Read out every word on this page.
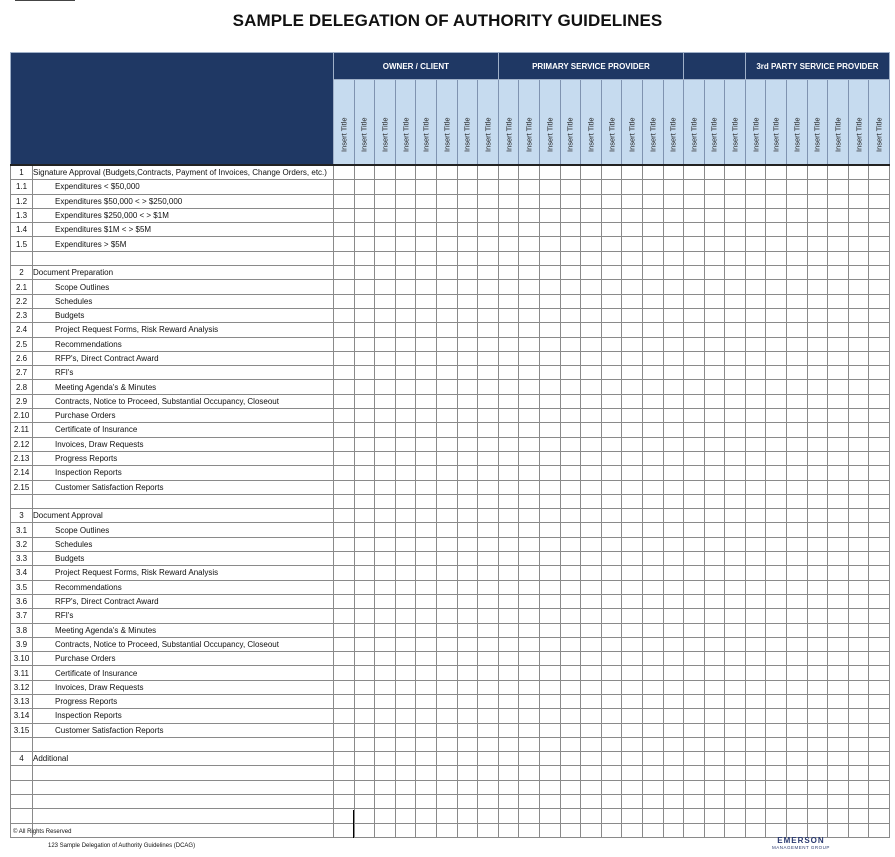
SAMPLE DELEGATION OF AUTHORITY GUIDELINES
		OWNER / CLIENT								PRIMARY SERVICE PROVIDER												3rd PARTY SERVICE PROVIDER						

		Insert Title	Insert Title	Insert Title	Insert Title	Insert Title	Insert Title	Insert Title	Insert Title	Insert Title	Insert Title	Insert Title	Insert Title	Insert Title	Insert Title	Insert Title	Insert Title	Insert Title	Insert Title	Insert Title	Insert Title	Insert Title	Insert Title	Insert Title	Insert Title	Insert Title	Insert Title	Insert Title

1	Signature Approval (Budgets,Contracts, Payment of Invoices, Change Orders, etc.)																											
1.1	Expenditures < $50,000																											
1.2	Expenditures $50,000 < > $250,000																											
1.3	Expenditures $250,000 < > $1M																											
1.4	Expenditures $1M < > $5M																											
1.5	Expenditures > $5M																											

2	Document Preparation																											
2.1	Scope Outlines																											
2.2	Schedules																											
2.3	Budgets																											
2.4	Project Request Forms, Risk Reward Analysis																											
2.5	Recommendations																											
2.6	RFP's, Direct Contract Award																											
2.7	RFI's																											
2.8	Meeting Agenda's & Minutes																											
2.9	Contracts, Notice to Proceed, Substantial Occupancy, Closeout																											
2.10	Purchase Orders																											
2.11	Certificate of Insurance																											
2.12	Invoices, Draw Requests																											
2.13	Progress Reports																											
2.14	Inspection Reports																											
2.15	Customer Satisfaction Reports																											

3	Document Approval																											
3.1	Scope Outlines																											
3.2	Schedules																											
3.3	Budgets																											
3.4	Project Request Forms, Risk Reward Analysis																											
3.5	Recommendations																											
3.6	RFP's, Direct Contract Award																											
3.7	RFI's																											
3.8	Meeting Agenda's & Minutes																											
3.9	Contracts, Notice to Proceed, Substantial Occupancy, Closeout																											
3.10	Purchase Orders																											
3.11	Certificate of Insurance																											
3.12	Invoices, Draw Requests																											
3.13	Progress Reports																											
3.14	Inspection Reports																											
3.15	Customer Satisfaction Reports																											

4	Additional																											

© All Rights Reserved
123 Sample Delegation of Authority Guidelines (DCAG)
EMERSON
MANAGEMENT GROUP
